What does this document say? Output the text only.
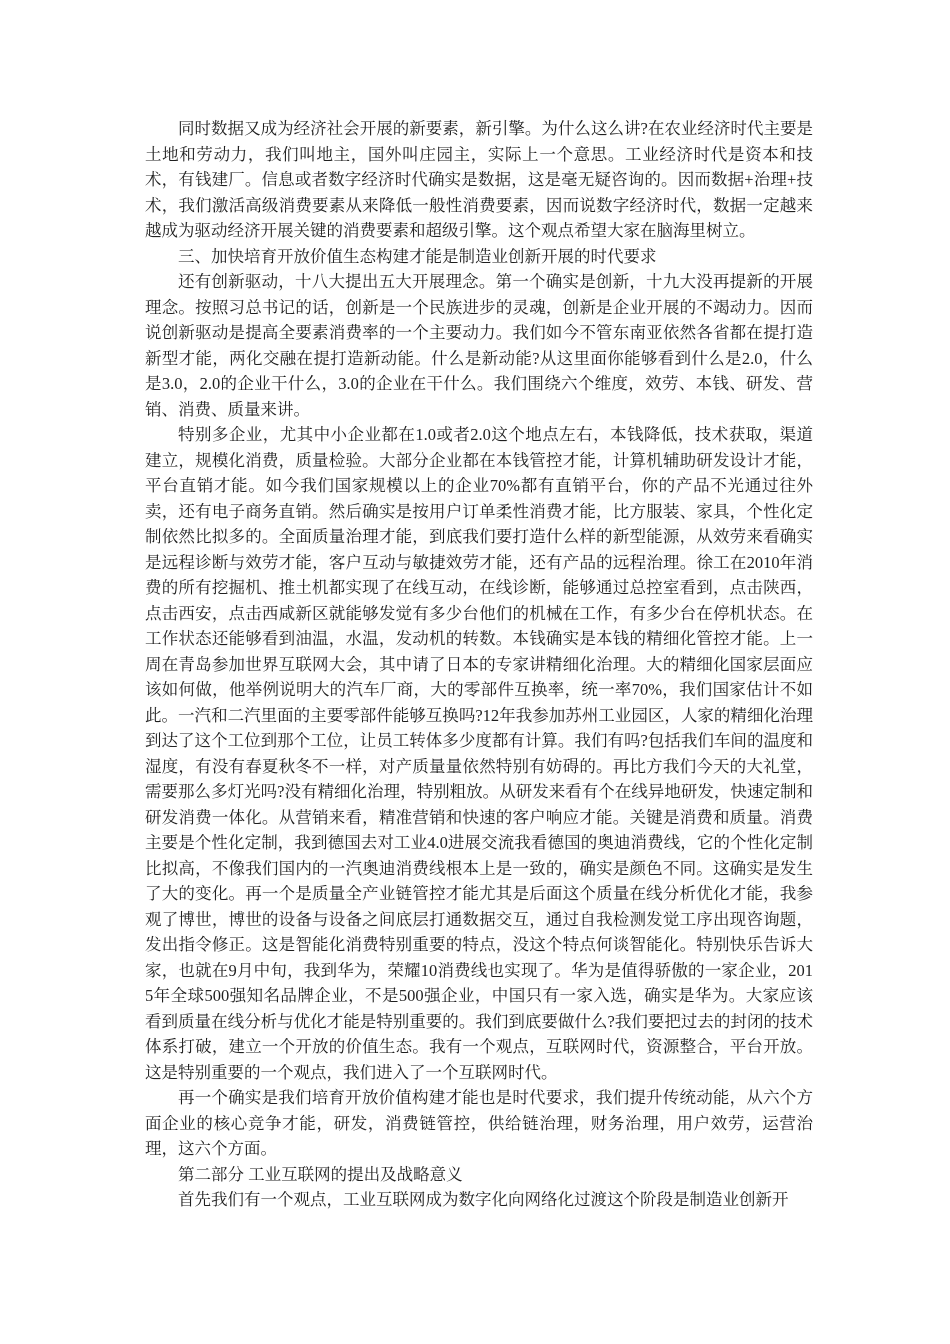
同时数据又成为经济社会开展的新要素，新引擎。为什么这么讲?在农业经济时代主要是土地和劳动力，我们叫地主，国外叫庄园主，实际上一个意思。工业经济时代是资本和技术，有钱建厂。信息或者数字经济时代确实是数据，这是毫无疑咨询的。因而数据+治理+技术，我们激活高级消费要素从来降低一般性消费要素，因而说数字经济时代，数据一定越来越成为驱动经济开展关键的消费要素和超级引擎。这个观点希望大家在脑海里树立。

三、加快培育开放价值生态构建才能是制造业创新开展的时代要求

还有创新驱动，十八大提出五大开展理念。第一个确实是创新，十九大没再提新的开展理念。按照习总书记的话，创新是一个民族进步的灵魂，创新是企业开展的不竭动力。因而说创新驱动是提高全要素消费率的一个主要动力。我们如今不管东南亚依然各省都在提打造新型才能，两化交融在提打造新动能。什么是新动能?从这里面你能够看到什么是2.0，什么是3.0，2.0的企业干什么，3.0的企业在干什么。我们围绕六个维度，效劳、本钱、研发、营销、消费、质量来讲。

特别多企业，尤其中小企业都在1.0或者2.0这个地点左右，本钱降低，技术获取，渠道建立，规模化消费，质量检验。大部分企业都在本钱管控才能，计算机辅助研发设计才能，平台直销才能。如今我们国家规模以上的企业70%都有直销平台，你的产品不光通过往外卖，还有电子商务直销。然后确实是按用户订单柔性消费才能，比方服装、家具，个性化定制依然比拟多的。全面质量治理才能，到底我们要打造什么样的新型能源，从效劳来看确实是远程诊断与效劳才能，客户互动与敏捷效劳才能，还有产品的远程治理。徐工在2010年消费的所有挖掘机、推土机都实现了在线互动，在线诊断，能够通过总控室看到，点击陕西，点击西安，点击西咸新区就能够发觉有多少台他们的机械在工作，有多少台在停机状态。在工作状态还能够看到油温，水温，发动机的转数。本钱确实是本钱的精细化管控才能。上一周在青岛参加世界互联网大会，其中请了日本的专家讲精细化治理。大的精细化国家层面应该如何做，他举例说明大的汽车厂商，大的零部件互换率，统一率70%，我们国家估计不如此。一汽和二汽里面的主要零部件能够互换吗?12年我参加苏州工业园区，人家的精细化治理到达了这个工位到那个工位，让员工转体多少度都有计算。我们有吗?包括我们车间的温度和湿度，有没有春夏秋冬不一样，对产质量量依然特别有妨碍的。再比方我们今天的大礼堂，需要那么多灯光吗?没有精细化治理，特别粗放。从研发来看有个在线异地研发，快速定制和研发消费一体化。从营销来看，精准营销和快速的客户响应才能。关键是消费和质量。消费主要是个性化定制，我到德国去对工业4.0进展交流我看德国的奥迪消费线，它的个性化定制比拟高，不像我们国内的一汽奥迪消费线根本上是一致的，确实是颜色不同。这确实是发生了大的变化。再一个是质量全产业链管控才能尤其是后面这个质量在线分析优化才能，我参观了博世，博世的设备与设备之间底层打通数据交互，通过自我检测发觉工序出现咨询题，发出指令修正。这是智能化消费特别重要的特点，没这个特点何谈智能化。特别快乐告诉大家，也就在9月中旬，我到华为，荣耀10消费线也实现了。华为是值得骄傲的一家企业，2015年全球500强知名品牌企业，不是500强企业，中国只有一家入选，确实是华为。大家应该看到质量在线分析与优化才能是特别重要的。我们到底要做什么?我们要把过去的封闭的技术体系打破，建立一个开放的价值生态。我有一个观点，互联网时代，资源整合，平台开放。这是特别重要的一个观点，我们进入了一个互联网时代。

再一个确实是我们培育开放价值构建才能也是时代要求，我们提升传统动能，从六个方面企业的核心竞争才能，研发，消费链管控，供给链治理，财务治理，用户效劳，运营治理，这六个方面。

第二部分 工业互联网的提出及战略意义

首先我们有一个观点，工业互联网成为数字化向网络化过渡这个阶段是制造业创新开
